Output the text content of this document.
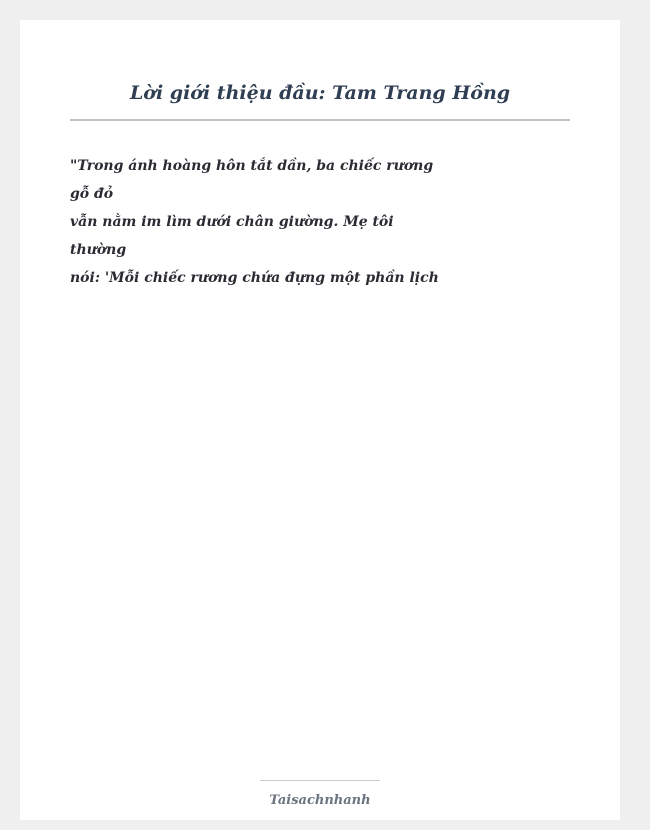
Lời giới thiệu đầu: Tam Trang Hồng
"Trong ánh hoàng hôn tắt dần, ba chiếc rương
gỗ đỏ
vẫn nằm im lìm dưới chân giường. Mẹ tôi
thường
nói: 'Mỗi chiếc rương chứa đựng một phần lịch
Taisachnhanh
